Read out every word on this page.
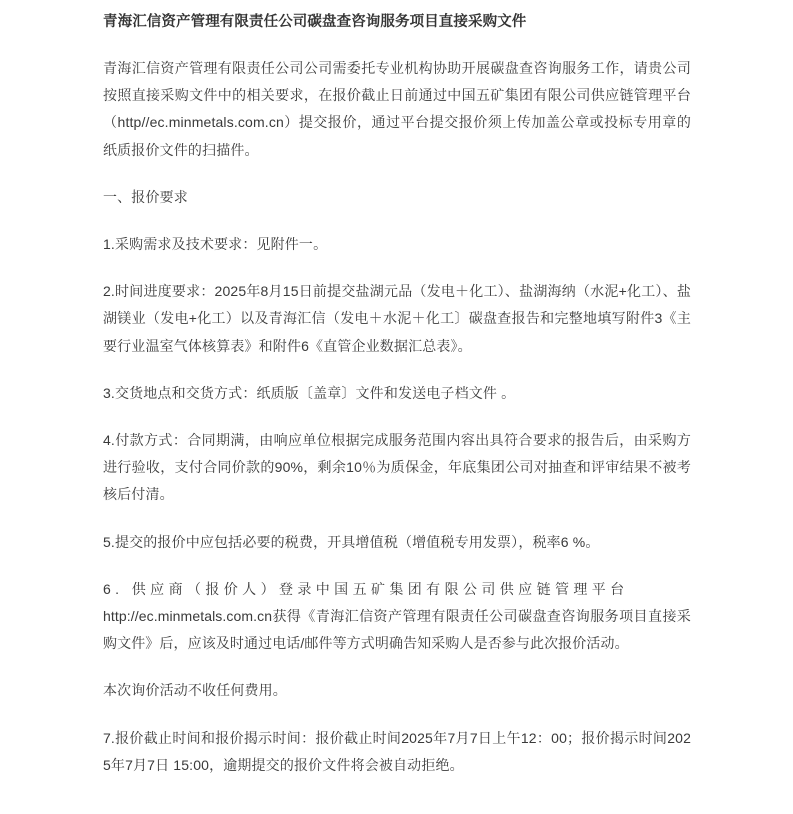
青海汇信资产管理有限责任公司碳盘查咨询服务项目直接采购文件

青海汇信资产管理有限责任公司公司需委托专业机构协助开展碳盘查咨询服务工作，请贵公司按照直接采购文件中的相关要求，在报价截止日前通过中国五矿集团有限公司供应链管理平台（http//ec.minmetals.com.cn）提交报价，通过平台提交报价须上传加盖公章或投标专用章的纸质报价文件的扫描件。

一、报价要求

1.采购需求及技术要求：见附件一。

2.时间进度要求：2025年8月15日前提交盐湖元品（发电＋化工）、盐湖海纳（水泥+化工）、盐湖镁业（发电+化工）以及青海汇信（发电＋水泥＋化工〕碳盘查报告和完整地填写附件3《主要行业温室气体核算表》和附件6《直管企业数据汇总表》。

3.交货地点和交货方式：纸质版〔盖章〕文件和发送电子档文件 。

4.付款方式：合同期满，由响应单位根据完成服务范围内容出具符合要求的报告后，由采购方进行验收，支付合同价款的90%，剩余10％为质保金，年底集团公司对抽查和评审结果不被考核后付清。

5.提交的报价中应包括必要的税费，开具增值税（增值税专用发票），税率6 %。

6. 供应商（报价人）登录中国五矿集团有限公司供应链管理平台
http://ec.minmetals.com.cn获得《青海汇信资产管理有限责任公司碳盘查咨询服务项目直接采购文件》后，应该及时通过电话/邮件等方式明确告知采购人是否参与此次报价活动。

本次询价活动不收任何费用。

7.报价截止时间和报价揭示时间：报价截止时间2025年7月7日上午12：00；报价揭示时间2025年7月7日 15:00，逾期提交的报价文件将会被自动拒绝。
